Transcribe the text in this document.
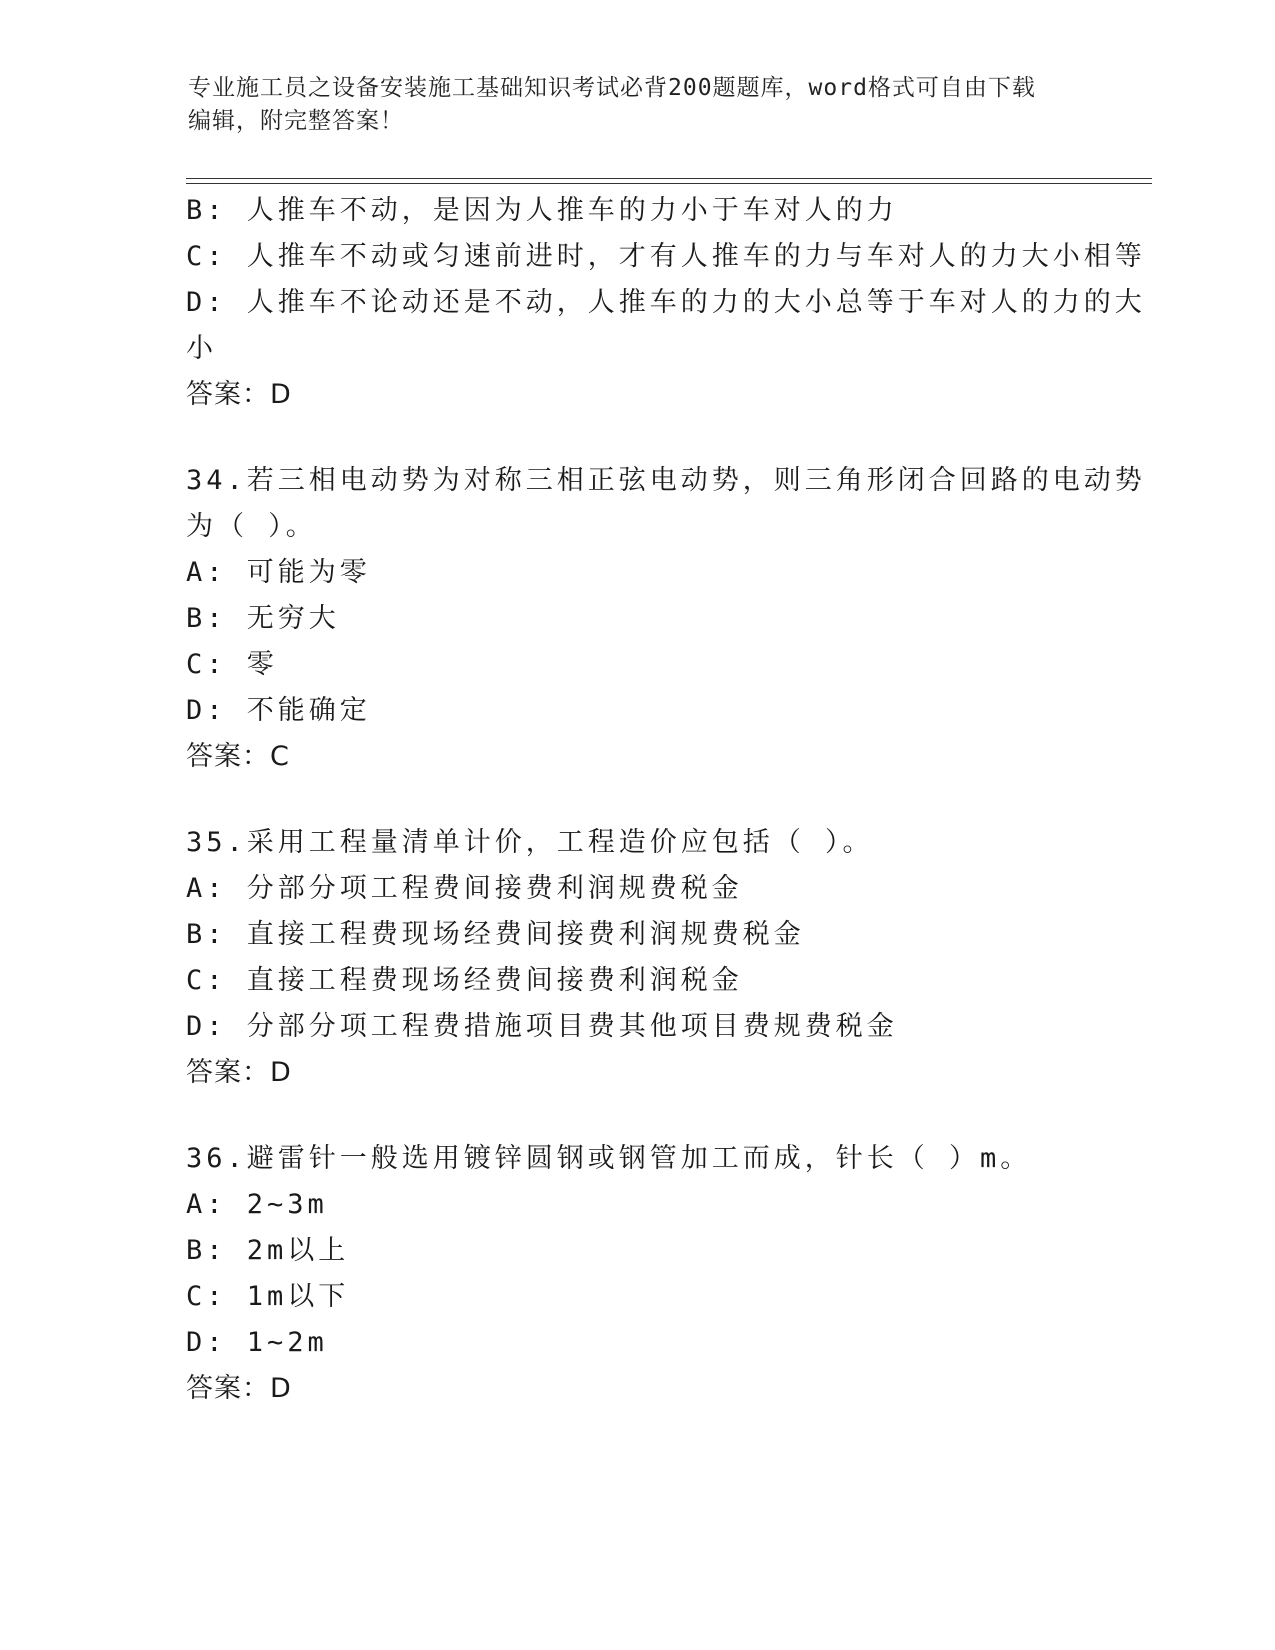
专业施工员之设备安装施工基础知识考试必背200题题库，word格式可自由下载
编辑，附完整答案！
B: 人推车不动，是因为人推车的力小于车对人的力
C: 人推车不动或匀速前进时，才有人推车的力与车对人的力大小相等
D: 人推车不论动还是不动，人推车的力的大小总等于车对人的力的大
小
答案：D
34.若三相电动势为对称三相正弦电动势，则三角形闭合回路的电动势
为（ ）。
A: 可能为零
B: 无穷大
C: 零
D: 不能确定
答案：C
35.采用工程量清单计价，工程造价应包括（ ）。
A: 分部分项工程费间接费利润规费税金
B: 直接工程费现场经费间接费利润规费税金
C: 直接工程费现场经费间接费利润税金
D: 分部分项工程费措施项目费其他项目费规费税金
答案：D
36.避雷针一般选用镀锌圆钢或钢管加工而成，针长（ ）m。
A: 2~3m
B: 2m以上
C: 1m以下
D: 1~2m
答案：D
